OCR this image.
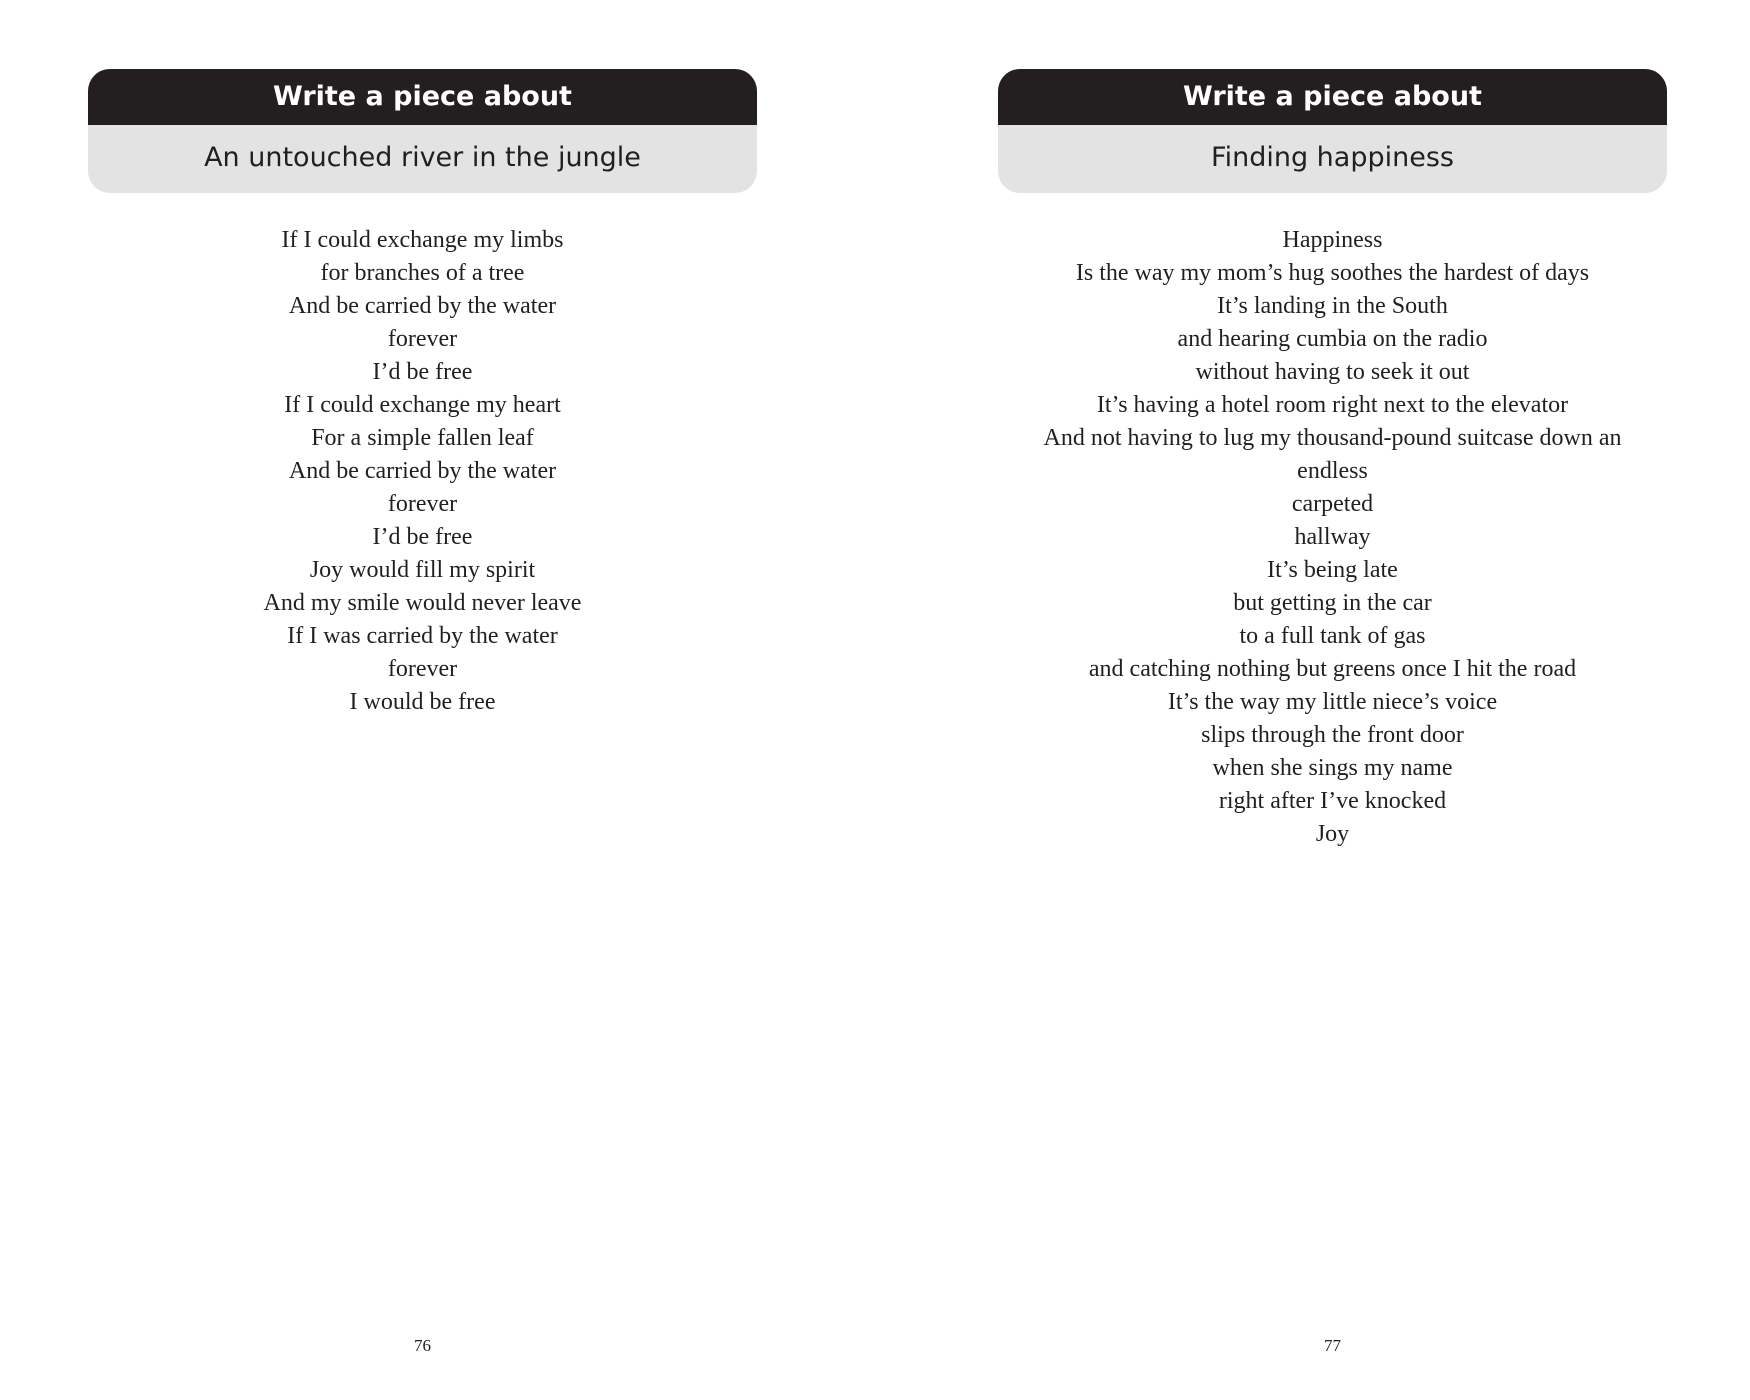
Write a piece about
An untouched river in the jungle
If I could exchange my limbs
for branches of a tree
And be carried by the water
forever
I’d be free
If I could exchange my heart
For a simple fallen leaf
And be carried by the water
forever
I’d be free
Joy would fill my spirit
And my smile would never leave
If I was carried by the water
forever
I would be free
76
Write a piece about
Finding happiness
Happiness
Is the way my mom’s hug soothes the hardest of days
It’s landing in the South
and hearing cumbia on the radio
without having to seek it out
It’s having a hotel room right next to the elevator
And not having to lug my thousand-pound suitcase down an
endless
carpeted
hallway
It’s being late
but getting in the car
to a full tank of gas
and catching nothing but greens once I hit the road
It’s the way my little niece’s voice
slips through the front door
when she sings my name
right after I’ve knocked
Joy
77
